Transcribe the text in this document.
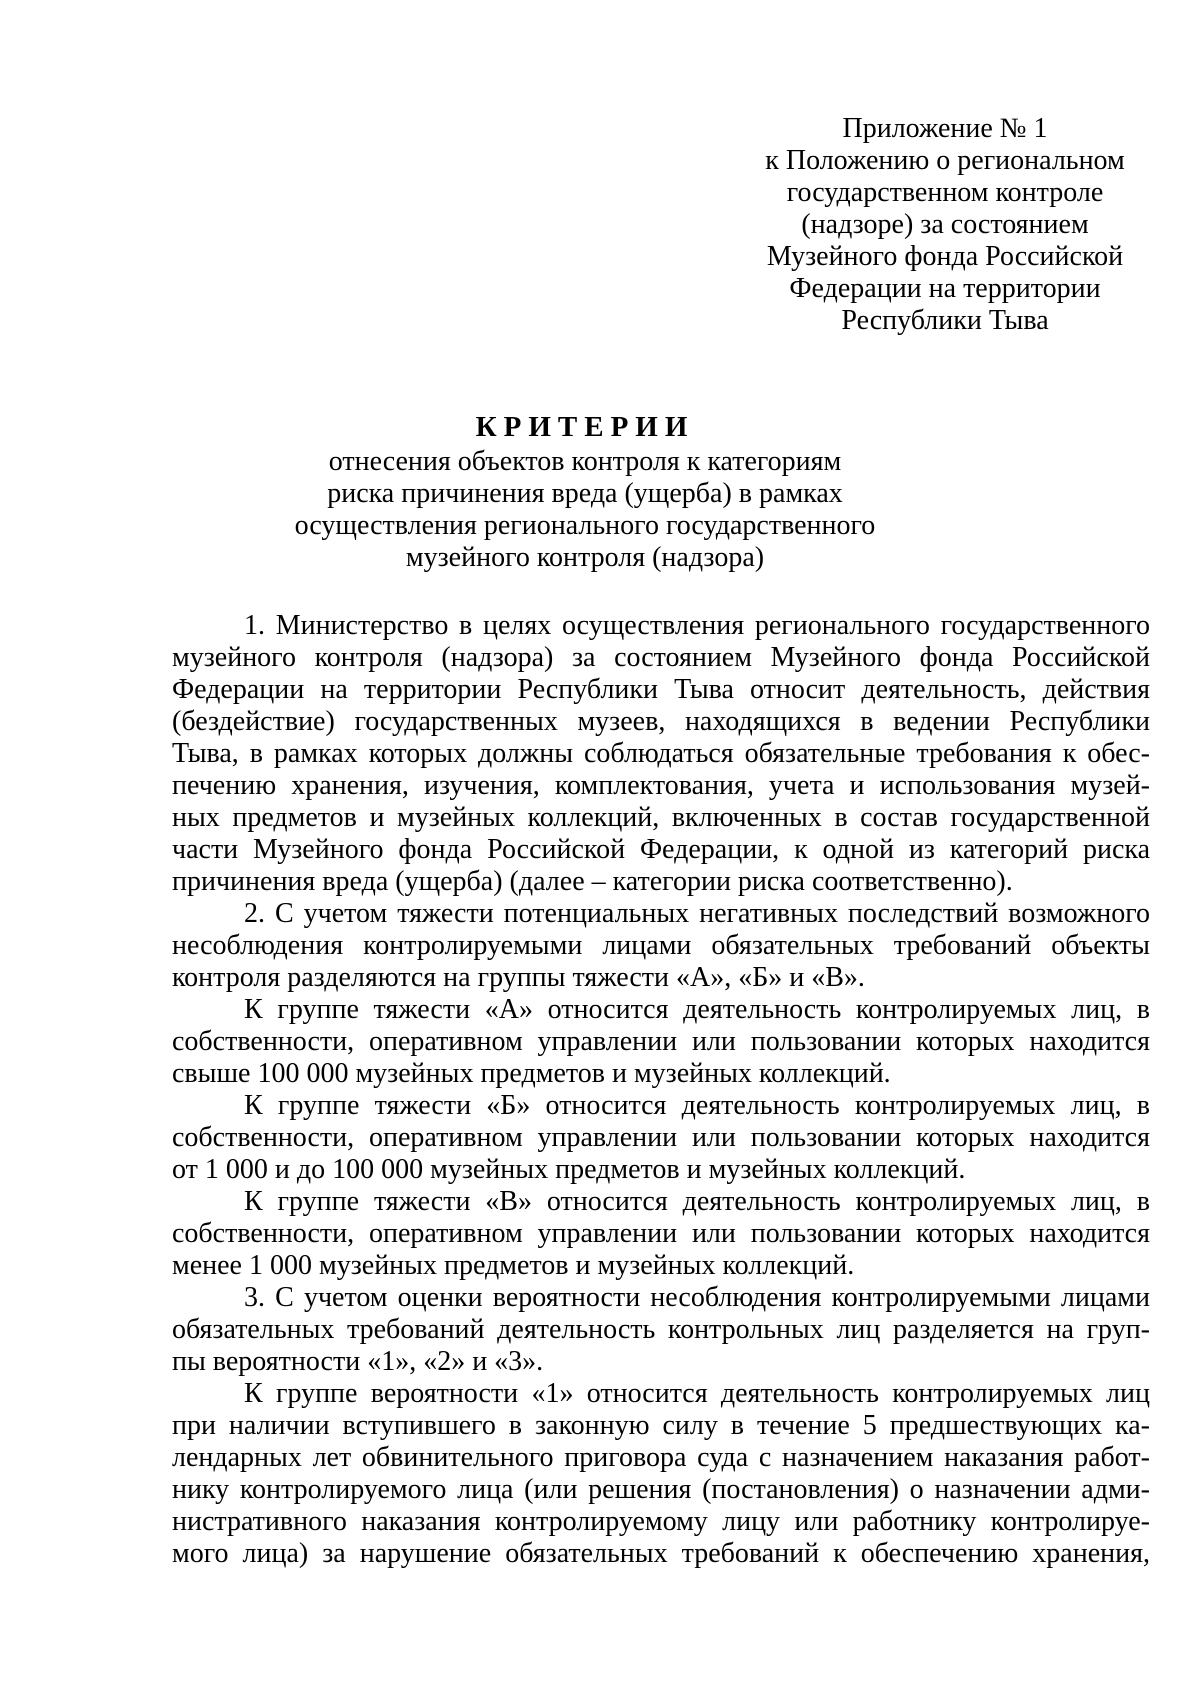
Приложение № 1
к Положению о региональном
государственном контроле
(надзоре) за состоянием
Музейного фонда Российской
Федерации на территории
Республики Тыва
КРИТЕРИИ
отнесения объектов контроля к категориям
риска причинения вреда (ущерба) в рамках
осуществления регионального государственного
музейного контроля (надзора)
1. Министерство в целях осуществления регионального государственного
музейного контроля (надзора) за состоянием Музейного фонда Российской
Федерации на территории Республики Тыва относит деятельность, действия
(бездействие) государственных музеев, находящихся в ведении Республики
Тыва, в рамках которых должны соблюдаться обязательные требования к обес-
печению хранения, изучения, комплектования, учета и использования музей-
ных предметов и музейных коллекций, включенных в состав государственной
части Музейного фонда Российской Федерации, к одной из категорий риска
причинения вреда (ущерба) (далее – категории риска соответственно).
2. С учетом тяжести потенциальных негативных последствий возможного
несоблюдения контролируемыми лицами обязательных требований объекты
контроля разделяются на группы тяжести «А», «Б» и «В».
К группе тяжести «А» относится деятельность контролируемых лиц, в
собственности, оперативном управлении или пользовании которых находится
свыше 100 000 музейных предметов и музейных коллекций.
К группе тяжести «Б» относится деятельность контролируемых лиц, в
собственности, оперативном управлении или пользовании которых находится
от 1 000 и до 100 000 музейных предметов и музейных коллекций.
К группе тяжести «В» относится деятельность контролируемых лиц, в
собственности, оперативном управлении или пользовании которых находится
менее 1 000 музейных предметов и музейных коллекций.
3. С учетом оценки вероятности несоблюдения контролируемыми лицами
обязательных требований деятельность контрольных лиц разделяется на груп-
пы вероятности «1», «2» и «3».
К группе вероятности «1» относится деятельность контролируемых лиц
при наличии вступившего в законную силу в течение 5 предшествующих ка-
лендарных лет обвинительного приговора суда с назначением наказания работ-
нику контролируемого лица (или решения (постановления) о назначении адми-
нистративного наказания контролируемому лицу или работнику контролируе-
мого лица) за нарушение обязательных требований к обеспечению хранения,
